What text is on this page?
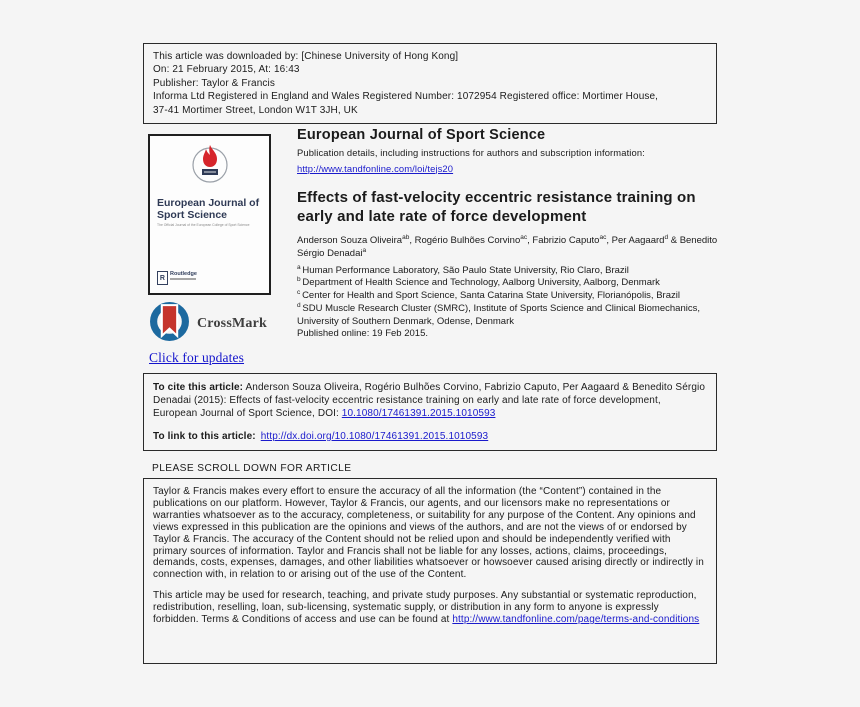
This article was downloaded by: [Chinese University of Hong Kong]
On: 21 February 2015, At: 16:43
Publisher: Taylor & Francis
Informa Ltd Registered in England and Wales Registered Number: 1072954 Registered office: Mortimer House,
37-41 Mortimer Street, London W1T 3JH, UK
European Journal of Sport Science
The Official Journal of the European College of Sport Science
R
Routledge
CrossMark
Click for updates
European Journal of Sport Science
Publication details, including instructions for authors and subscription information:
http://www.tandfonline.com/loi/tejs20
Effects of fast-velocity eccentric resistance training on
early and late rate of force development
Anderson Souza Oliveira$^{ab}$, Rogério Bulhões Corvino$^{ac}$, Fabrizio Caputo$^{ac}$, Per Aagaard$^d$ & Benedito Sérgio Denadai$^a$
$^a$ Human Performance Laboratory, São Paulo State University, Rio Claro, Brazil
$^b$ Department of Health Science and Technology, Aalborg University, Aalborg, Denmark
$^c$ Center for Health and Sport Science, Santa Catarina State University, Florianópolis, Brazil
$^d$ SDU Muscle Research Cluster (SMRC), Institute of Sports Science and Clinical Biomechanics, University of Southern Denmark, Odense, Denmark
Published online: 19 Feb 2015.

To cite this article: Anderson Souza Oliveira, Rogério Bulhões Corvino, Fabrizio Caputo, Per Aagaard & Benedito Sérgio Denadai (2015): Effects of fast-velocity eccentric resistance training on early and late rate of force development, European Journal of Sport Science, DOI: 10.1080/17461391.2015.1010593

To link to this article: http://dx.doi.org/10.1080/17461391.2015.1010593

PLEASE SCROLL DOWN FOR ARTICLE

Taylor & Francis makes every effort to ensure the accuracy of all the information (the “Content”) contained in the publications on our platform. However, Taylor & Francis, our agents, and our licensors make no representations or warranties whatsoever as to the accuracy, completeness, or suitability for any purpose of the Content. Any opinions and views expressed in this publication are the opinions and views of the authors, and are not the views of or endorsed by Taylor & Francis. The accuracy of the Content should not be relied upon and should be independently verified with primary sources of information. Taylor and Francis shall not be liable for any losses, actions, claims, proceedings, demands, costs, expenses, damages, and other liabilities whatsoever or howsoever caused arising directly or indirectly in connection with, in relation to or arising out of the use of the Content.

This article may be used for research, teaching, and private study purposes. Any substantial or systematic reproduction, redistribution, reselling, loan, sub-licensing, systematic supply, or distribution in any form to anyone is expressly forbidden. Terms & Conditions of access and use can be found at http://www.tandfonline.com/page/terms-and-conditions
